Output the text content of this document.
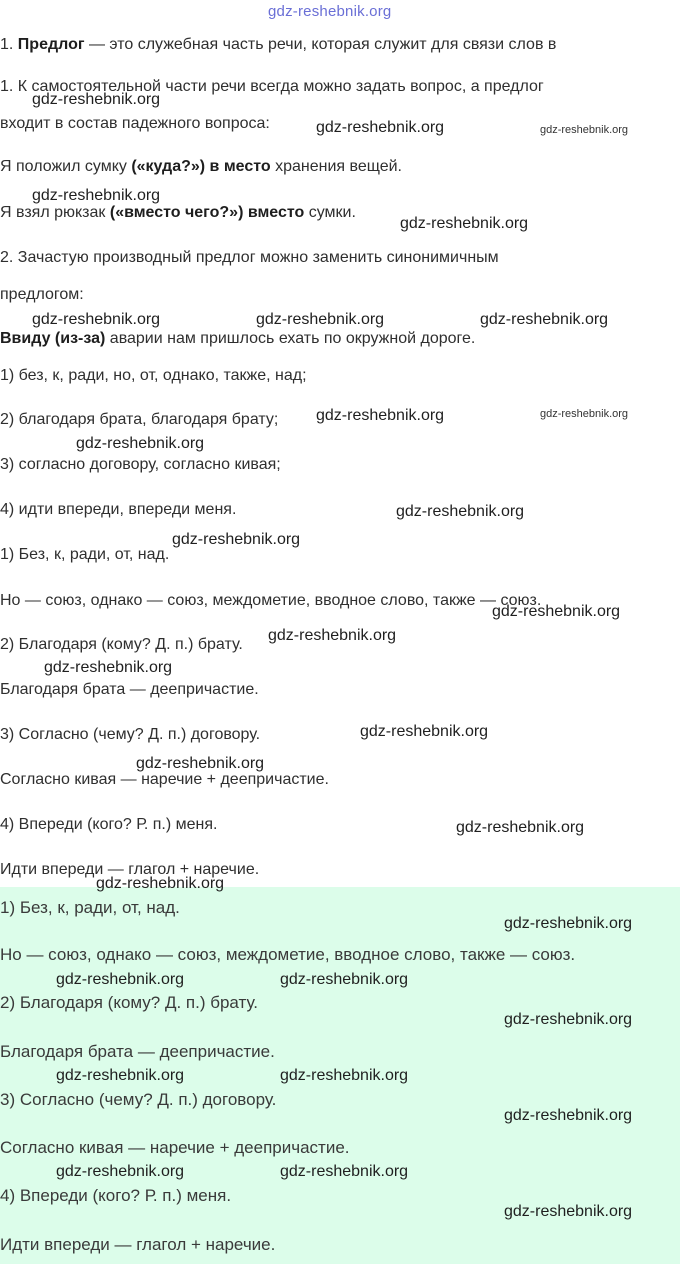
gdz-reshebnik.org
1. Предлог — это служебная часть речи, которая служит для связи слов в
1. К самостоятельной части речи всегда можно задать вопрос, а предлог
входит в состав падежного вопроса:
Я положил сумку («куда?») в место хранения вещей.
Я взял рюкзак («вместо чего?») вместо сумки.
2. Зачастую производный предлог можно заменить синонимичным
предлогом:
Ввиду (из-за) аварии нам пришлось ехать по окружной дороге.
1) без, к, ради, но, от, однако, также, над;
2) благодаря брата, благодаря брату;
3) согласно договору, согласно кивая;
4) идти впереди, впереди меня.
1) Без, к, ради, от, над.
Но — союз, однако — союз, междометие, вводное слово, также — союз.
2) Благодаря (кому? Д. п.) брату.
Благодаря брата — деепричастие.
3) Согласно (чему? Д. п.) договору.
Согласно кивая — наречие + деепричастие.
4) Впереди (кого? Р. п.) меня.
Идти впереди — глагол + наречие.
1) Без, к, ради, от, над.
Но — союз, однако — союз, междометие, вводное слово, также — союз.
2) Благодаря (кому? Д. п.) брату.
Благодаря брата — деепричастие.
3) Согласно (чему? Д. п.) договору.
Согласно кивая — наречие + деепричастие.
4) Впереди (кого? Р. п.) меня.
Идти впереди — глагол + наречие.
gdz-reshebnik.org
gdz-reshebnik.org	gdz-reshebnik.org
gdz-reshebnik.org
gdz-reshebnik.org
gdz-reshebnik.org	gdz-reshebnik.org	gdz-reshebnik.org
gdz-reshebnik.org	gdz-reshebnik.org
gdz-reshebnik.org
gdz-reshebnik.org
gdz-reshebnik.org
gdz-reshebnik.org
gdz-reshebnik.org
gdz-reshebnik.org
gdz-reshebnik.org
gdz-reshebnik.org
gdz-reshebnik.org
gdz-reshebnik.org
gdz-reshebnik.org
gdz-reshebnik.org	gdz-reshebnik.org
gdz-reshebnik.org
gdz-reshebnik.org	gdz-reshebnik.org
gdz-reshebnik.org
gdz-reshebnik.org	gdz-reshebnik.org
gdz-reshebnik.org
